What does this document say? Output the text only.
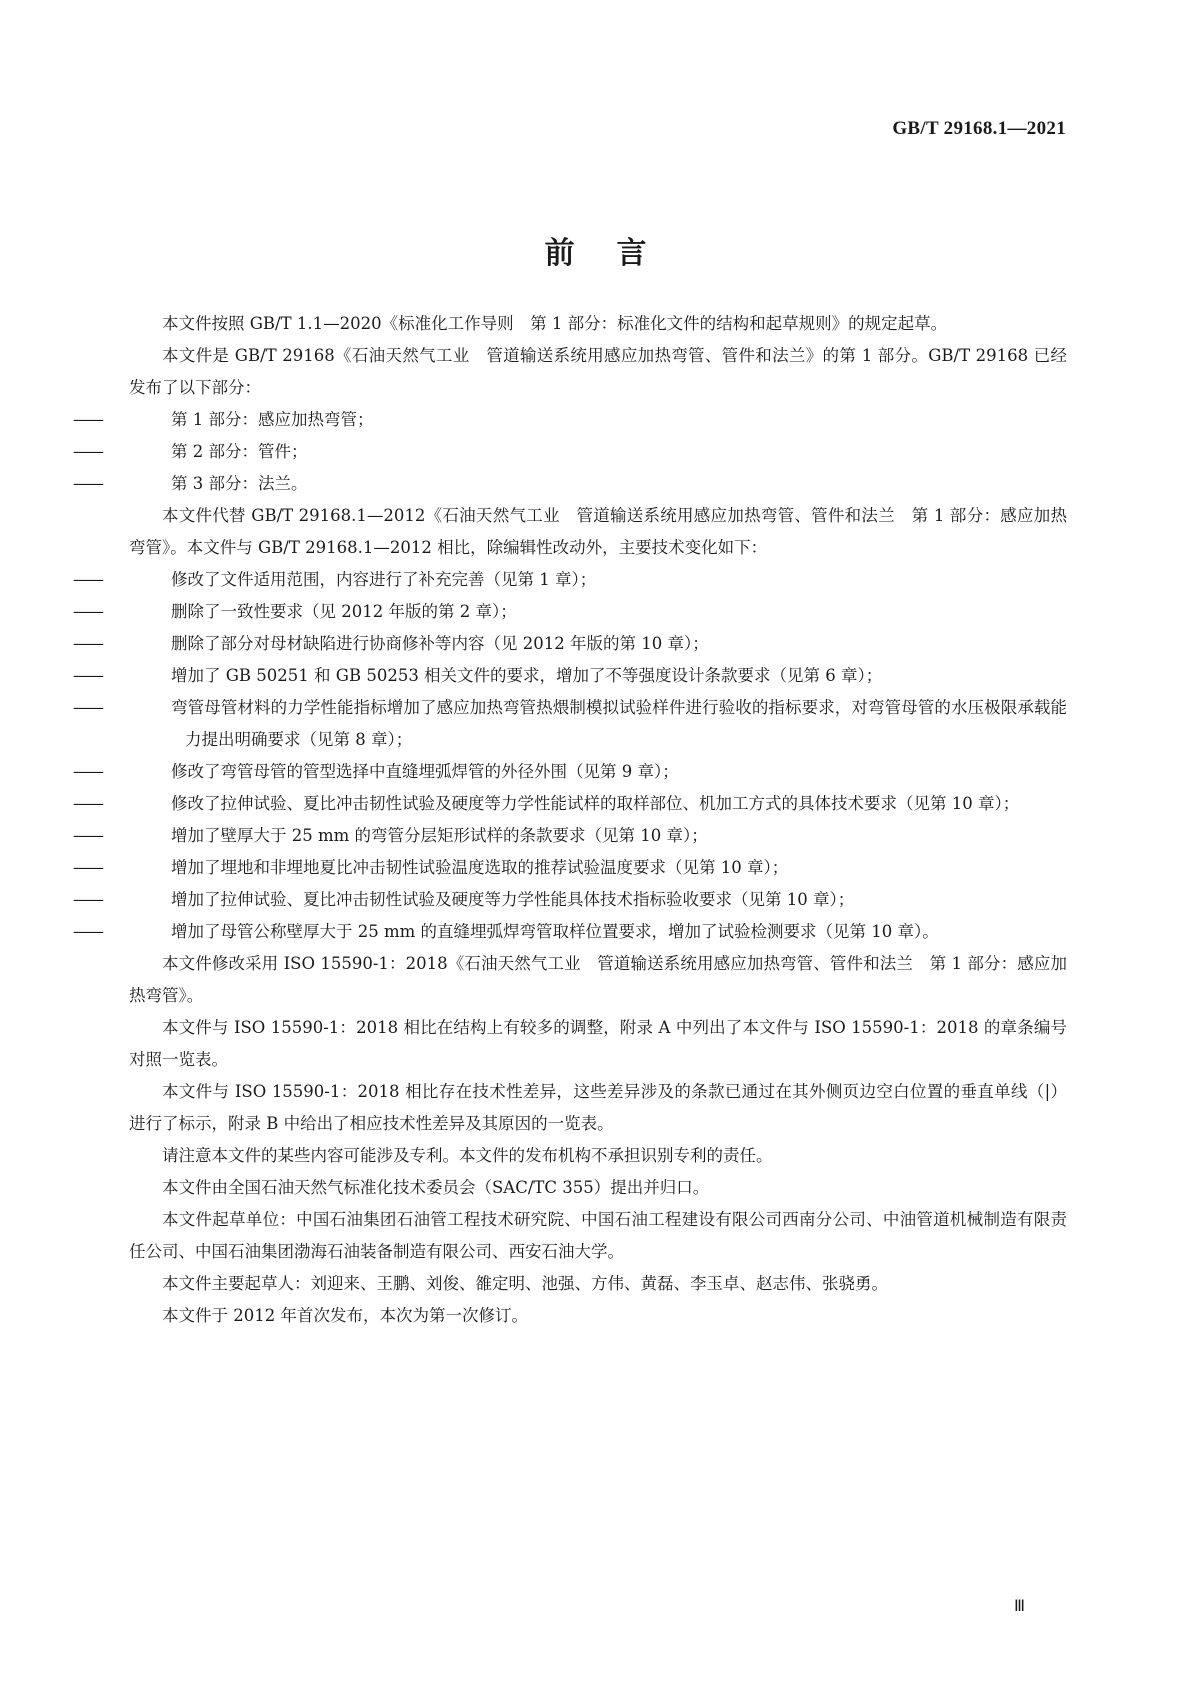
GB/T 29168.1—2021
前言

本文件按照 GB/T 1.1—2020《标准化工作导则　第 1 部分：标准化文件的结构和起草规则》的规定起草。

本文件是 GB/T 29168《石油天然气工业　管道输送系统用感应加热弯管、管件和法兰》的第 1 部分。GB/T 29168 已经发布了以下部分：

——	第 1 部分：感应加热弯管；

——	第 2 部分：管件；

——	第 3 部分：法兰。

本文件代替 GB/T 29168.1—2012《石油天然气工业　管道输送系统用感应加热弯管、管件和法兰　第 1 部分：感应加热弯管》。本文件与 GB/T 29168.1—2012 相比，除编辑性改动外，主要技术变化如下：

——	修改了文件适用范围，内容进行了补充完善（见第 1 章）；

——	删除了一致性要求（见 2012 年版的第 2 章）；

——	删除了部分对母材缺陷进行协商修补等内容（见 2012 年版的第 10 章）；

——	增加了 GB 50251 和 GB 50253 相关文件的要求，增加了不等强度设计条款要求（见第 6 章）；

——	弯管母管材料的力学性能指标增加了感应加热弯管热煨制模拟试验样件进行验收的指标要求，对弯管母管的水压极限承载能力提出明确要求（见第 8 章）；

——	修改了弯管母管的管型选择中直缝埋弧焊管的外径外围（见第 9 章）；

——	修改了拉伸试验、夏比冲击韧性试验及硬度等力学性能试样的取样部位、机加工方式的具体技术要求（见第 10 章）；

——	增加了壁厚大于 25 mm 的弯管分层矩形试样的条款要求（见第 10 章）；

——	增加了埋地和非埋地夏比冲击韧性试验温度选取的推荐试验温度要求（见第 10 章）；

——	增加了拉伸试验、夏比冲击韧性试验及硬度等力学性能具体技术指标验收要求（见第 10 章）；

——	增加了母管公称壁厚大于 25 mm 的直缝埋弧焊弯管取样位置要求，增加了试验检测要求（见第 10 章）。

本文件修改采用 ISO 15590-1：2018《石油天然气工业　管道输送系统用感应加热弯管、管件和法兰　第 1 部分：感应加热弯管》。

本文件与 ISO 15590-1：2018 相比在结构上有较多的调整，附录 A 中列出了本文件与 ISO 15590-1：2018 的章条编号对照一览表。

本文件与 ISO 15590-1：2018 相比存在技术性差异，这些差异涉及的条款已通过在其外侧页边空白位置的垂直单线（|）进行了标示，附录 B 中给出了相应技术性差异及其原因的一览表。

请注意本文件的某些内容可能涉及专利。本文件的发布机构不承担识别专利的责任。

本文件由全国石油天然气标准化技术委员会（SAC/TC 355）提出并归口。

本文件起草单位：中国石油集团石油管工程技术研究院、中国石油工程建设有限公司西南分公司、中油管道机械制造有限责任公司、中国石油集团渤海石油装备制造有限公司、西安石油大学。

本文件主要起草人：刘迎来、王鹏、刘俊、雒定明、池强、方伟、黄磊、李玉卓、赵志伟、张骁勇。

本文件于 2012 年首次发布，本次为第一次修订。

Ⅲ
